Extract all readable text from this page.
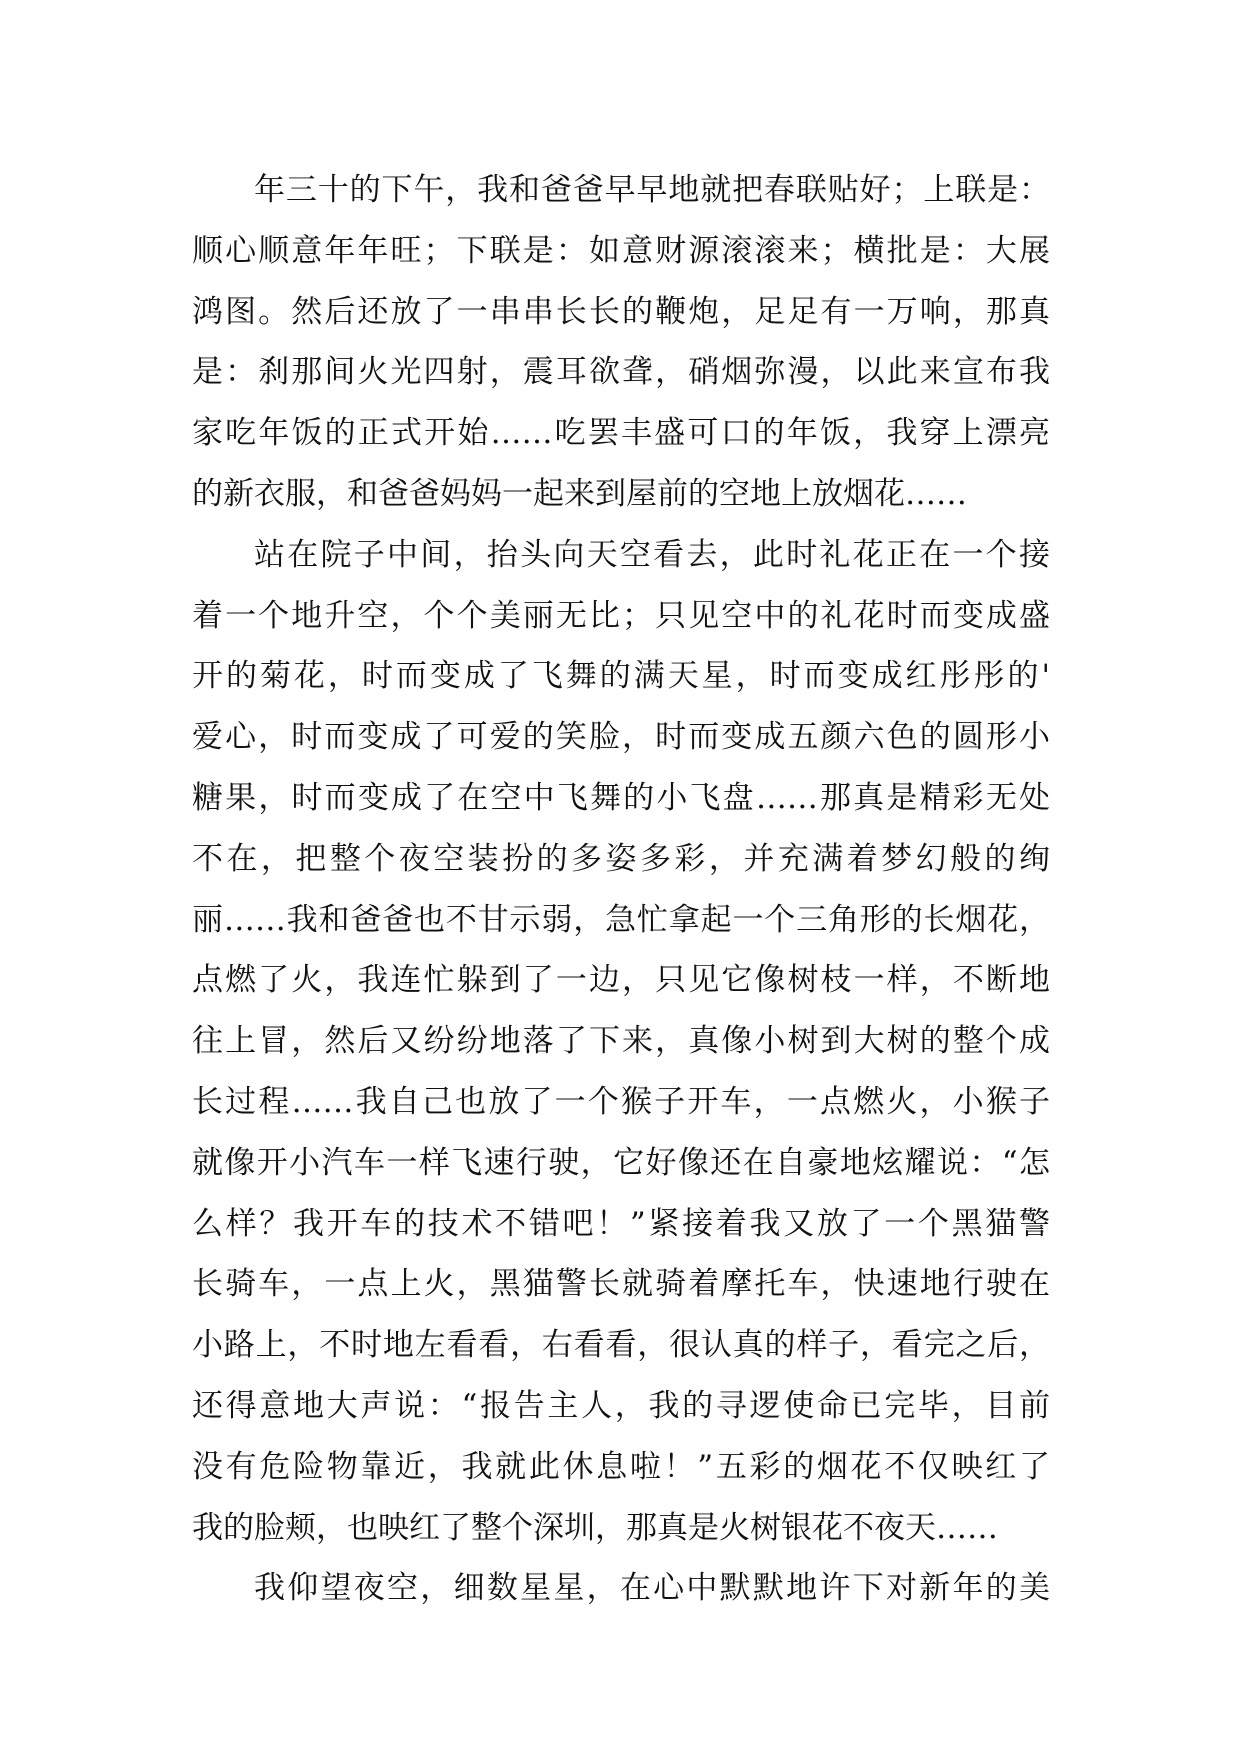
年三十的下午，我和爸爸早早地就把春联贴好；上联是：
顺心顺意年年旺；下联是：如意财源滚滚来；横批是：大展
鸿图。然后还放了一串串长长的鞭炮，足足有一万响，那真
是：刹那间火光四射，震耳欲聋，硝烟弥漫，以此来宣布我
家吃年饭的正式开始……吃罢丰盛可口的年饭，我穿上漂亮
的新衣服，和爸爸妈妈一起来到屋前的空地上放烟花……
站在院子中间，抬头向天空看去，此时礼花正在一个接
着一个地升空，个个美丽无比；只见空中的礼花时而变成盛
开的菊花，时而变成了飞舞的满天星，时而变成红彤彤的'
爱心，时而变成了可爱的笑脸，时而变成五颜六色的圆形小
糖果，时而变成了在空中飞舞的小飞盘……那真是精彩无处
不在，把整个夜空装扮的多姿多彩，并充满着梦幻般的绚
丽……我和爸爸也不甘示弱，急忙拿起一个三角形的长烟花，
点燃了火，我连忙躲到了一边，只见它像树枝一样，不断地
往上冒，然后又纷纷地落了下来，真像小树到大树的整个成
长过程……我自己也放了一个猴子开车，一点燃火，小猴子
就像开小汽车一样飞速行驶，它好像还在自豪地炫耀说：“怎
么样？我开车的技术不错吧！”紧接着我又放了一个黑猫警
长骑车，一点上火，黑猫警长就骑着摩托车，快速地行驶在
小路上，不时地左看看，右看看，很认真的样子，看完之后，
还得意地大声说：“报告主人，我的寻逻使命已完毕，目前
没有危险物靠近，我就此休息啦！”五彩的烟花不仅映红了
我的脸颊，也映红了整个深圳，那真是火树银花不夜天……
我仰望夜空，细数星星，在心中默默地许下对新年的美
